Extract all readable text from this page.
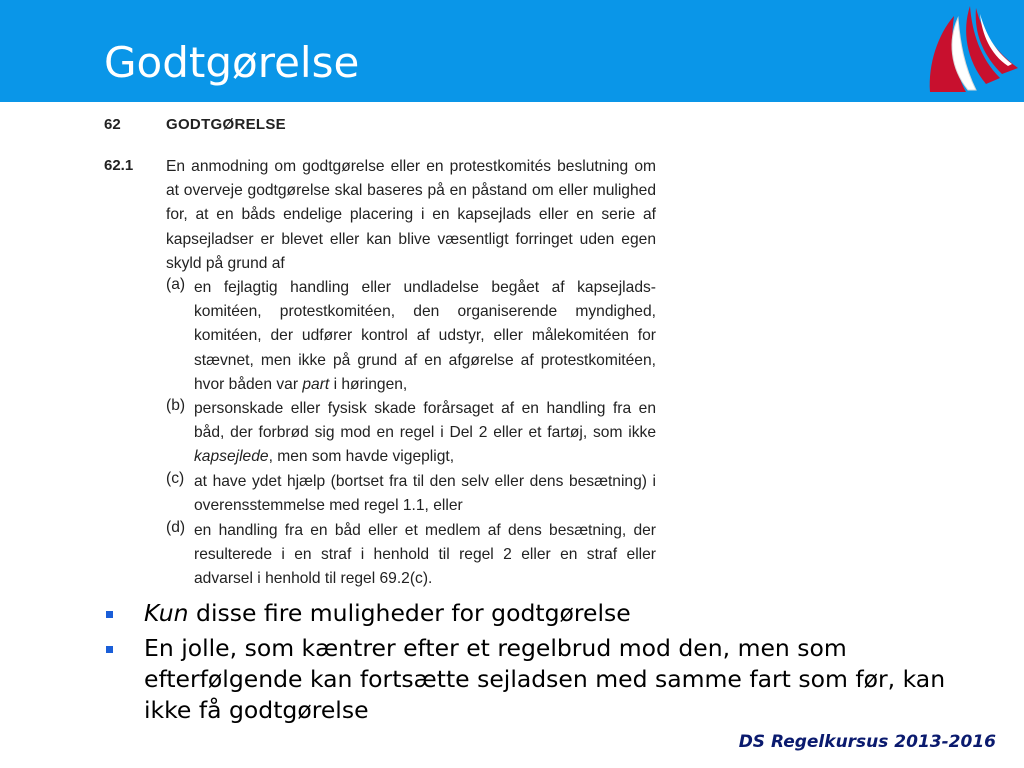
Godtgørelse
62	GODTGØRELSE
62.1 En anmodning om godtgørelse eller en protestkomités beslutning om at overveje godtgørelse skal baseres på en påstand om eller mulighed for, at en båds endelige placering i en kapsejlads eller en serie af kapsejladser er blevet eller kan blive væsentligt forringet uden egen skyld på grund af
(a) en fejlagtig handling eller undladelse begået af kapsejladskomitéen, protestkomitéen, den organiserende myndighed, komitéen, der udfører kontrol af udstyr, eller målekomitéen for stævnet, men ikke på grund af en afgørelse af protestkomitéen, hvor båden var part i høringen,
(b) personskade eller fysisk skade forårsaget af en handling fra en båd, der forbrød sig mod en regel i Del 2 eller et fartøj, som ikke kapsejlede, men som havde vigepligt,
(c) at have ydet hjælp (bortset fra til den selv eller dens besætning) i overensstemmelse med regel 1.1, eller
(d) en handling fra en båd eller et medlem af dens besætning, der resulterede i en straf i henhold til regel 2 eller en straf eller advarsel i henhold til regel 69.2(c).
Kun disse fire muligheder for godtgørelse
En jolle, som kæntrer efter et regelbrud mod den, men som efterfølgende kan fortsætte sejladsen med samme fart som før, kan ikke få godtgørelse
DS Regelkursus 2013-2016
